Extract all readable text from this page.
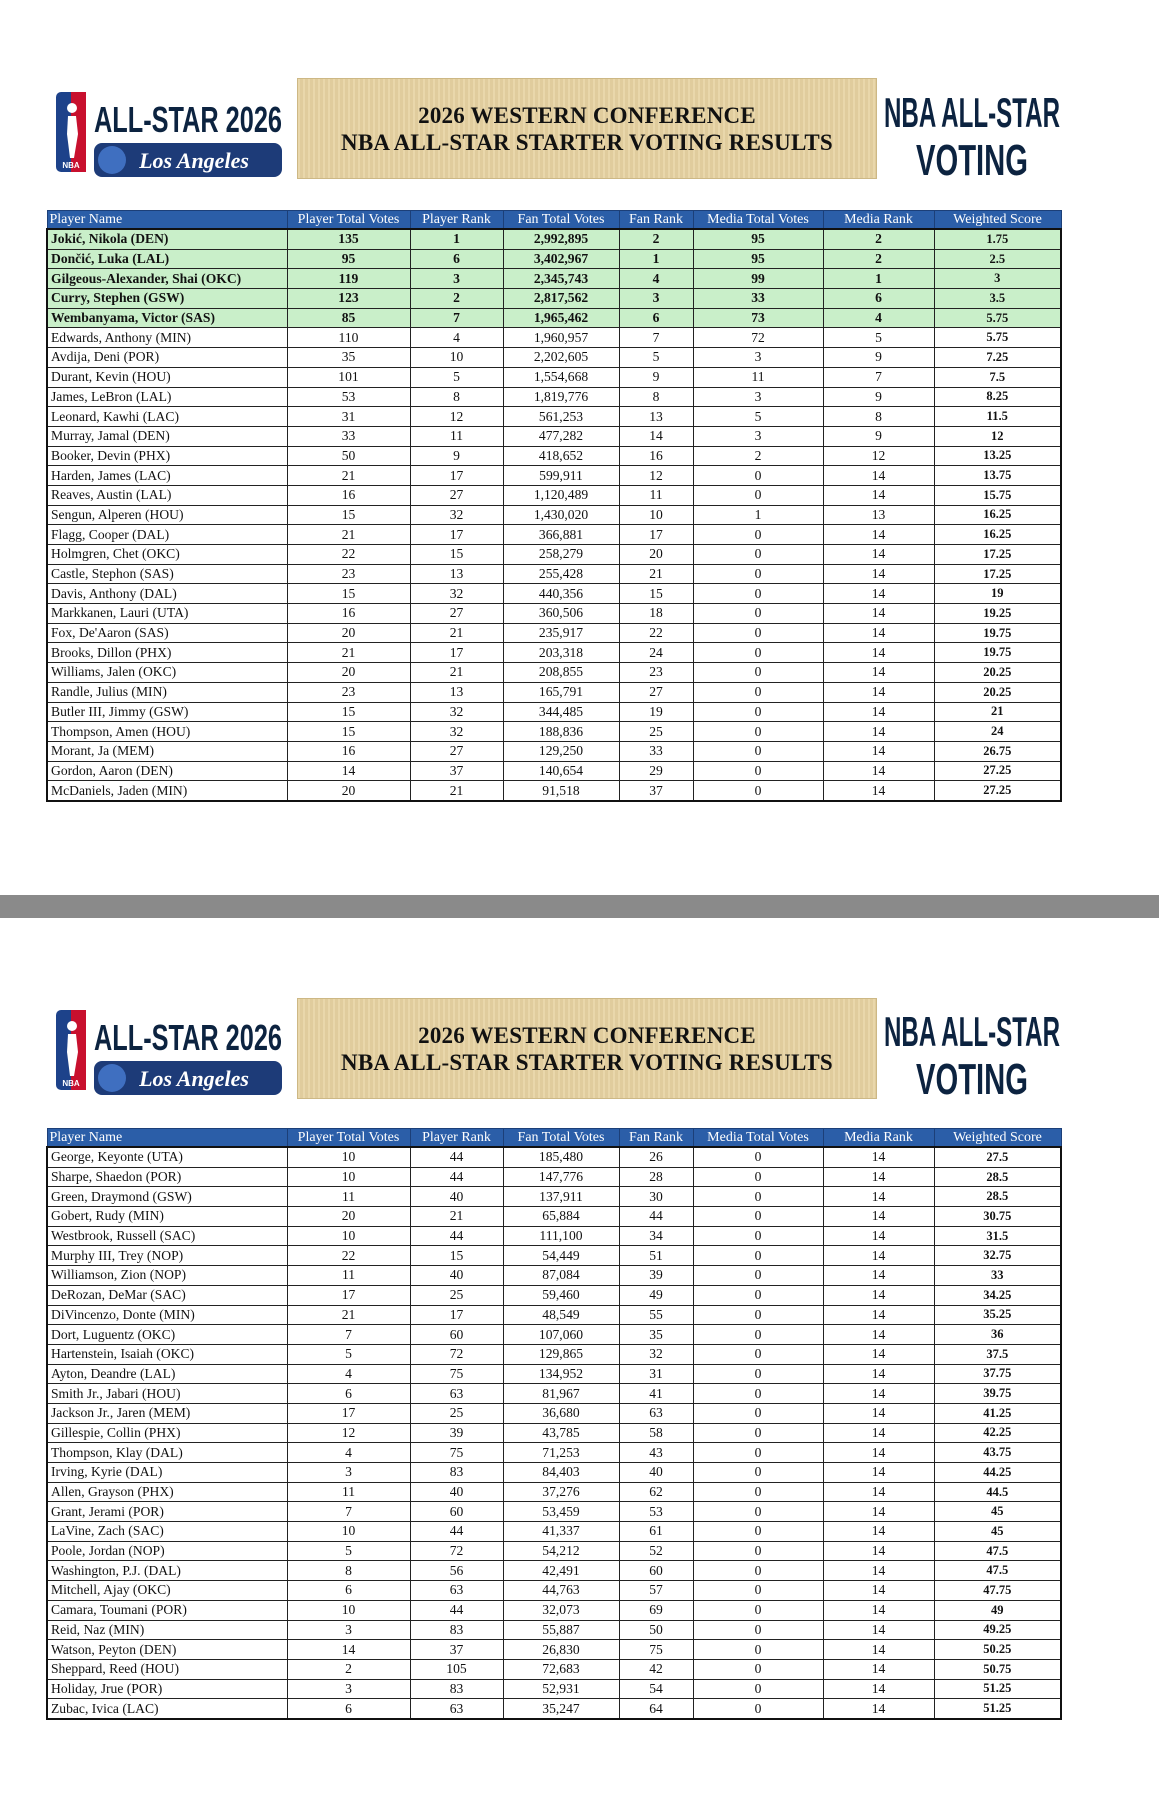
NBA
ALL-STAR 2026
Los Angeles
2026 WESTERN CONFERENCE
NBA ALL-STAR STARTER VOTING RESULTS
NBA ALL-STAR
VOTING
Player Name	Player Total Votes	Player Rank	Fan Total Votes	Fan Rank	Media Total Votes	Media Rank	Weighted Score
Jokić, Nikola (DEN)	135	1	2,992,895	2	95	2	1.75
Dončić, Luka (LAL)	95	6	3,402,967	1	95	2	2.5
Gilgeous-Alexander, Shai (OKC)	119	3	2,345,743	4	99	1	3
Curry, Stephen (GSW)	123	2	2,817,562	3	33	6	3.5
Wembanyama, Victor (SAS)	85	7	1,965,462	6	73	4	5.75
Edwards, Anthony (MIN)	110	4	1,960,957	7	72	5	5.75
Avdija, Deni (POR)	35	10	2,202,605	5	3	9	7.25
Durant, Kevin (HOU)	101	5	1,554,668	9	11	7	7.5
James, LeBron (LAL)	53	8	1,819,776	8	3	9	8.25
Leonard, Kawhi (LAC)	31	12	561,253	13	5	8	11.5
Murray, Jamal (DEN)	33	11	477,282	14	3	9	12
Booker, Devin (PHX)	50	9	418,652	16	2	12	13.25
Harden, James (LAC)	21	17	599,911	12	0	14	13.75
Reaves, Austin (LAL)	16	27	1,120,489	11	0	14	15.75
Sengun, Alperen (HOU)	15	32	1,430,020	10	1	13	16.25
Flagg, Cooper (DAL)	21	17	366,881	17	0	14	16.25
Holmgren, Chet (OKC)	22	15	258,279	20	0	14	17.25
Castle, Stephon (SAS)	23	13	255,428	21	0	14	17.25
Davis, Anthony (DAL)	15	32	440,356	15	0	14	19
Markkanen, Lauri (UTA)	16	27	360,506	18	0	14	19.25
Fox, De'Aaron (SAS)	20	21	235,917	22	0	14	19.75
Brooks, Dillon (PHX)	21	17	203,318	24	0	14	19.75
Williams, Jalen (OKC)	20	21	208,855	23	0	14	20.25
Randle, Julius (MIN)	23	13	165,791	27	0	14	20.25
Butler III, Jimmy (GSW)	15	32	344,485	19	0	14	21
Thompson, Amen (HOU)	15	32	188,836	25	0	14	24
Morant, Ja (MEM)	16	27	129,250	33	0	14	26.75
Gordon, Aaron (DEN)	14	37	140,654	29	0	14	27.25
McDaniels, Jaden (MIN)	20	21	91,518	37	0	14	27.25
NBA
ALL-STAR 2026
Los Angeles
2026 WESTERN CONFERENCE
NBA ALL-STAR STARTER VOTING RESULTS
NBA ALL-STAR
VOTING
Player Name	Player Total Votes	Player Rank	Fan Total Votes	Fan Rank	Media Total Votes	Media Rank	Weighted Score
George, Keyonte (UTA)	10	44	185,480	26	0	14	27.5
Sharpe, Shaedon (POR)	10	44	147,776	28	0	14	28.5
Green, Draymond (GSW)	11	40	137,911	30	0	14	28.5
Gobert, Rudy (MIN)	20	21	65,884	44	0	14	30.75
Westbrook, Russell (SAC)	10	44	111,100	34	0	14	31.5
Murphy III, Trey (NOP)	22	15	54,449	51	0	14	32.75
Williamson, Zion (NOP)	11	40	87,084	39	0	14	33
DeRozan, DeMar (SAC)	17	25	59,460	49	0	14	34.25
DiVincenzo, Donte (MIN)	21	17	48,549	55	0	14	35.25
Dort, Luguentz (OKC)	7	60	107,060	35	0	14	36
Hartenstein, Isaiah (OKC)	5	72	129,865	32	0	14	37.5
Ayton, Deandre (LAL)	4	75	134,952	31	0	14	37.75
Smith Jr., Jabari (HOU)	6	63	81,967	41	0	14	39.75
Jackson Jr., Jaren (MEM)	17	25	36,680	63	0	14	41.25
Gillespie, Collin (PHX)	12	39	43,785	58	0	14	42.25
Thompson, Klay (DAL)	4	75	71,253	43	0	14	43.75
Irving, Kyrie (DAL)	3	83	84,403	40	0	14	44.25
Allen, Grayson (PHX)	11	40	37,276	62	0	14	44.5
Grant, Jerami (POR)	7	60	53,459	53	0	14	45
LaVine, Zach (SAC)	10	44	41,337	61	0	14	45
Poole, Jordan (NOP)	5	72	54,212	52	0	14	47.5
Washington, P.J. (DAL)	8	56	42,491	60	0	14	47.5
Mitchell, Ajay (OKC)	6	63	44,763	57	0	14	47.75
Camara, Toumani (POR)	10	44	32,073	69	0	14	49
Reid, Naz (MIN)	3	83	55,887	50	0	14	49.25
Watson, Peyton (DEN)	14	37	26,830	75	0	14	50.25
Sheppard, Reed (HOU)	2	105	72,683	42	0	14	50.75
Holiday, Jrue (POR)	3	83	52,931	54	0	14	51.25
Zubac, Ivica (LAC)	6	63	35,247	64	0	14	51.25
